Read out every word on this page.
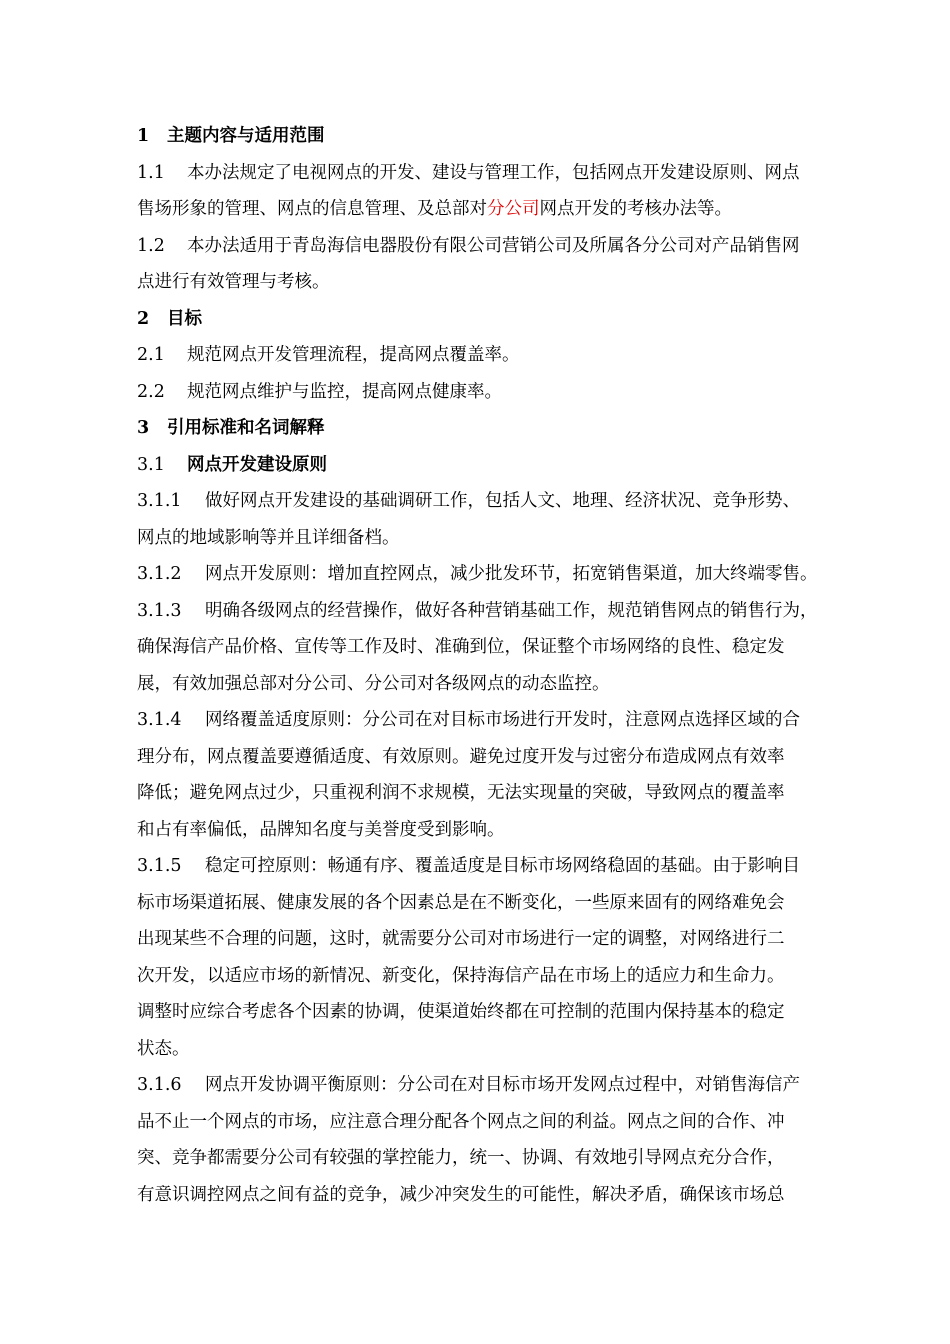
1 主题内容与适用范围
1.1 本办法规定了电视网点的开发、建设与管理工作，包括网点开发建设原则、网点
售场形象的管理、网点的信息管理、及总部对分公司网点开发的考核办法等。
1.2 本办法适用于青岛海信电器股份有限公司营销公司及所属各分公司对产品销售网
点进行有效管理与考核。
2 目标
2.1 规范网点开发管理流程，提高网点覆盖率。
2.2 规范网点维护与监控，提高网点健康率。
3 引用标准和名词解释
3.1 网点开发建设原则
3.1.1 做好网点开发建设的基础调研工作，包括人文、地理、经济状况、竞争形势、
网点的地域影响等并且详细备档。
3.1.2 网点开发原则：增加直控网点，减少批发环节，拓宽销售渠道，加大终端零售。
3.1.3 明确各级网点的经营操作，做好各种营销基础工作，规范销售网点的销售行为，
确保海信产品价格、宣传等工作及时、准确到位，保证整个市场网络的良性、稳定发
展，有效加强总部对分公司、分公司对各级网点的动态监控。
3.1.4 网络覆盖适度原则：分公司在对目标市场进行开发时，注意网点选择区域的合
理分布，网点覆盖要遵循适度、有效原则。避免过度开发与过密分布造成网点有效率
降低；避免网点过少，只重视利润不求规模，无法实现量的突破，导致网点的覆盖率
和占有率偏低，品牌知名度与美誉度受到影响。
3.1.5 稳定可控原则：畅通有序、覆盖适度是目标市场网络稳固的基础。由于影响目
标市场渠道拓展、健康发展的各个因素总是在不断变化，一些原来固有的网络难免会
出现某些不合理的问题，这时，就需要分公司对市场进行一定的调整，对网络进行二
次开发，以适应市场的新情况、新变化，保持海信产品在市场上的适应力和生命力。
调整时应综合考虑各个因素的协调，使渠道始终都在可控制的范围内保持基本的稳定
状态。
3.1.6 网点开发协调平衡原则：分公司在对目标市场开发网点过程中，对销售海信产
品不止一个网点的市场，应注意合理分配各个网点之间的利益。网点之间的合作、冲
突、竞争都需要分公司有较强的掌控能力，统一、协调、有效地引导网点充分合作，
有意识调控网点之间有益的竞争，减少冲突发生的可能性，解决矛盾，确保该市场总
